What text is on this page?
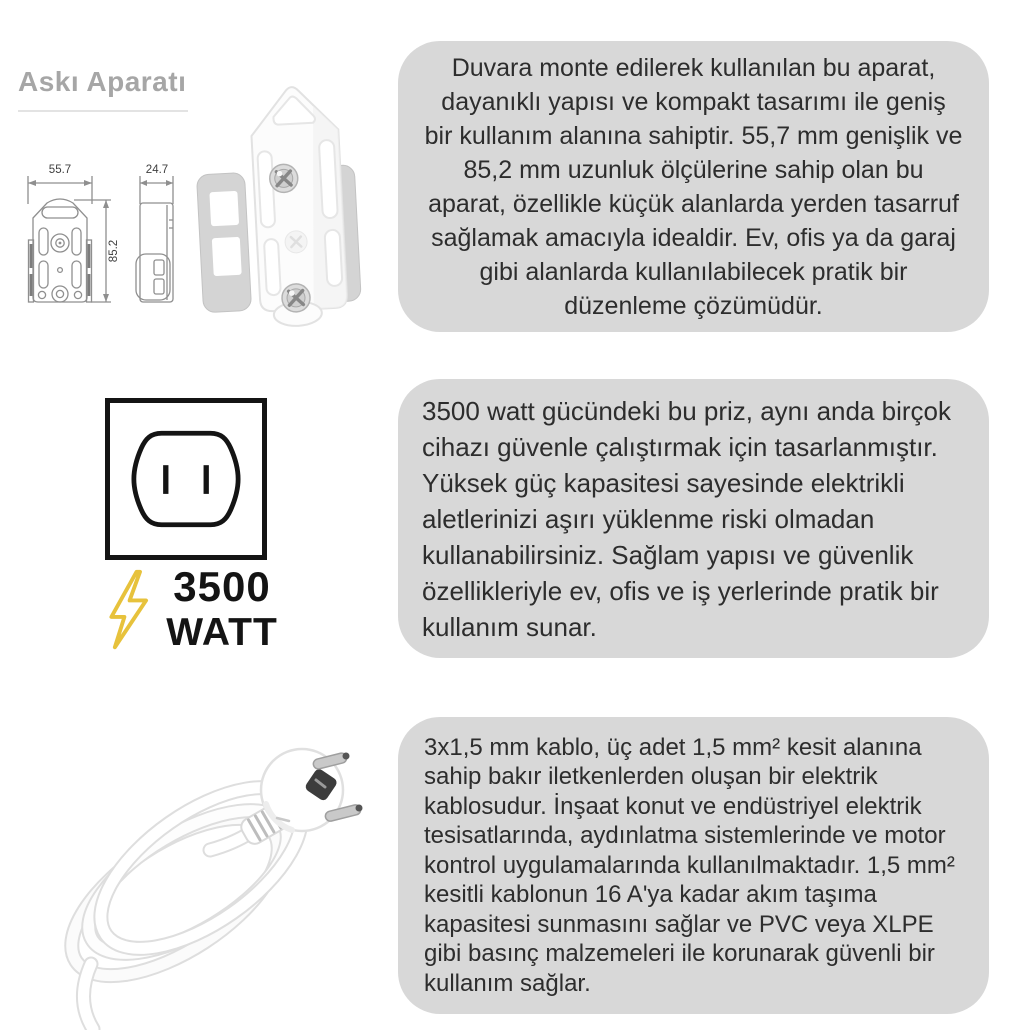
Askı Aparatı
55.7	24.7
85.2

Duvara monte edilerek kullanılan bu aparat, dayanıklı yapısı ve kompakt tasarımı ile geniş bir kullanım alanına sahiptir. 55,7 mm genişlik ve 85,2 mm uzunluk ölçülerine sahip olan bu aparat, özellikle küçük alanlarda yerden tasarruf sağlamak amacıyla idealdir. Ev, ofis ya da garaj gibi alanlarda kullanılabilecek pratik bir düzenleme çözümüdür.

3500
WATT

3500 watt gücündeki bu priz, aynı anda birçok cihazı güvenle çalıştırmak için tasarlanmıştır. Yüksek güç kapasitesi sayesinde elektrikli aletlerinizi aşırı yüklenme riski olmadan kullanabilirsiniz. Sağlam yapısı ve güvenlik özellikleriyle ev, ofis ve iş yerlerinde pratik bir kullanım sunar.

3x1,5 mm kablo, üç adet 1,5 mm² kesit alanına sahip bakır iletkenlerden oluşan bir elektrik kablosudur. İnşaat konut ve endüstriyel elektrik tesisatlarında, aydınlatma sistemlerinde ve motor kontrol uygulamalarında kullanılmaktadır. 1,5 mm² kesitli kablonun 16 A'ya kadar akım taşıma kapasitesi sunmasını sağlar ve PVC veya XLPE gibi basınç malzemeleri ile korunarak güvenli bir kullanım sağlar.
